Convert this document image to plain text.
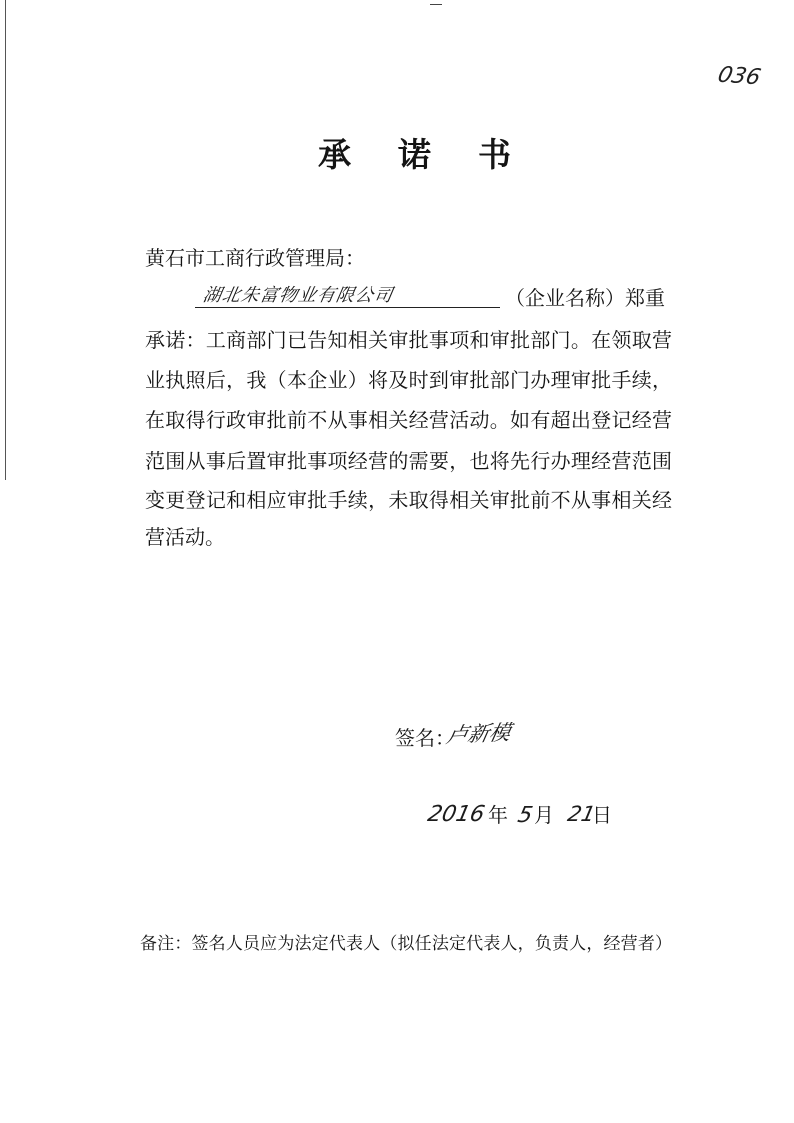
036
承诺书
黄石市工商行政管理局：
湖北朱富物业有限公司	（企业名称）郑重
承诺：工商部门已告知相关审批事项和审批部门。在领取营
业执照后，我（本企业）将及时到审批部门办理审批手续，
在取得行政审批前不从事相关经营活动。如有超出登记经营
范围从事后置审批事项经营的需要，也将先行办理经营范围
变更登记和相应审批手续，未取得相关审批前不从事相关经
营活动。
签名：
卢新模
2016 年 5 月 21
日
备注：签名人员应为法定代表人（拟任法定代表人，负责人，经营者）
